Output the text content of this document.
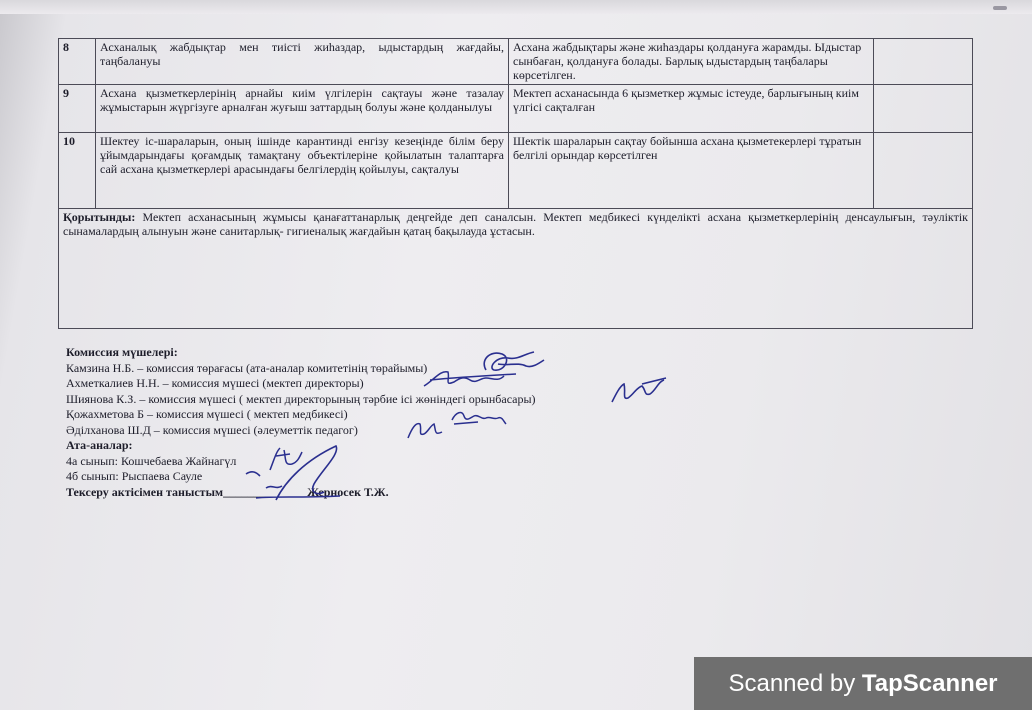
8	Асханалық жабдықтар мен тиісті жиһаздар, ыдыстардың жағдайы, таңбалануы	Асхана жабдықтары және жиһаздары қолдануға жарамды. Ыдыстар сынбаған, қолдануға болады. Барлық ыдыстардың таңбалары көрсетілген.	
9	Асхана қызметкерлерінің арнайы киім үлгілерін сақтауы және тазалау жұмыстарын жүргізуге арналған жуғыш заттардың болуы және қолданылуы	Мектеп асханасында 6 қызметкер жұмыс істеуде, барлығының киім үлгісі сақталған	
10	Шектеу іс-шараларын, оның ішінде карантинді енгізу кезеңінде білім беру ұйымдарындағы қоғамдық тамақтану объектілеріне қойылатын талаптарға сай асхана қызметкерлері арасындағы белгілердің қойылуы, сақталуы	Шектік шараларын сақтау бойынша асхана қызметекерлері тұратын белгілі орындар көрсетілген	
Қорытынды: Мектеп асханасының жұмысы қанағаттанарлық деңгейде деп саналсын. Мектеп медбикесі күнделікті асхана қызметкерлерінің денсаулығын, тәуліктік сынамалардың алынуын және санитарлық- гигиеналық жағдайын қатаң бақылауда ұстасын.			
Комиссия мүшелері:
Камзина Н.Б. – комиссия төрағасы (ата-аналар комитетінің төрайымы)
Ахметкалиев Н.Н. – комиссия мүшесі (мектеп директоры)
Шиянова К.З. – комиссия мүшесі ( мектеп директорының тәрбие ісі жөніндегі орынбасары)
Қожахметова Б – комиссия мүшесі ( мектеп медбикесі)
Әділханова Ш.Д – комиссия мүшесі (әлеуметтік педагог)
Ата-аналар:
4а сынып: Кошчебаева Жайнагүл
4б сынып: Рыспаева Сауле
Тексеру актісімен таныстым______________Жерносек Т.Ж.
Scanned by TapScanner
